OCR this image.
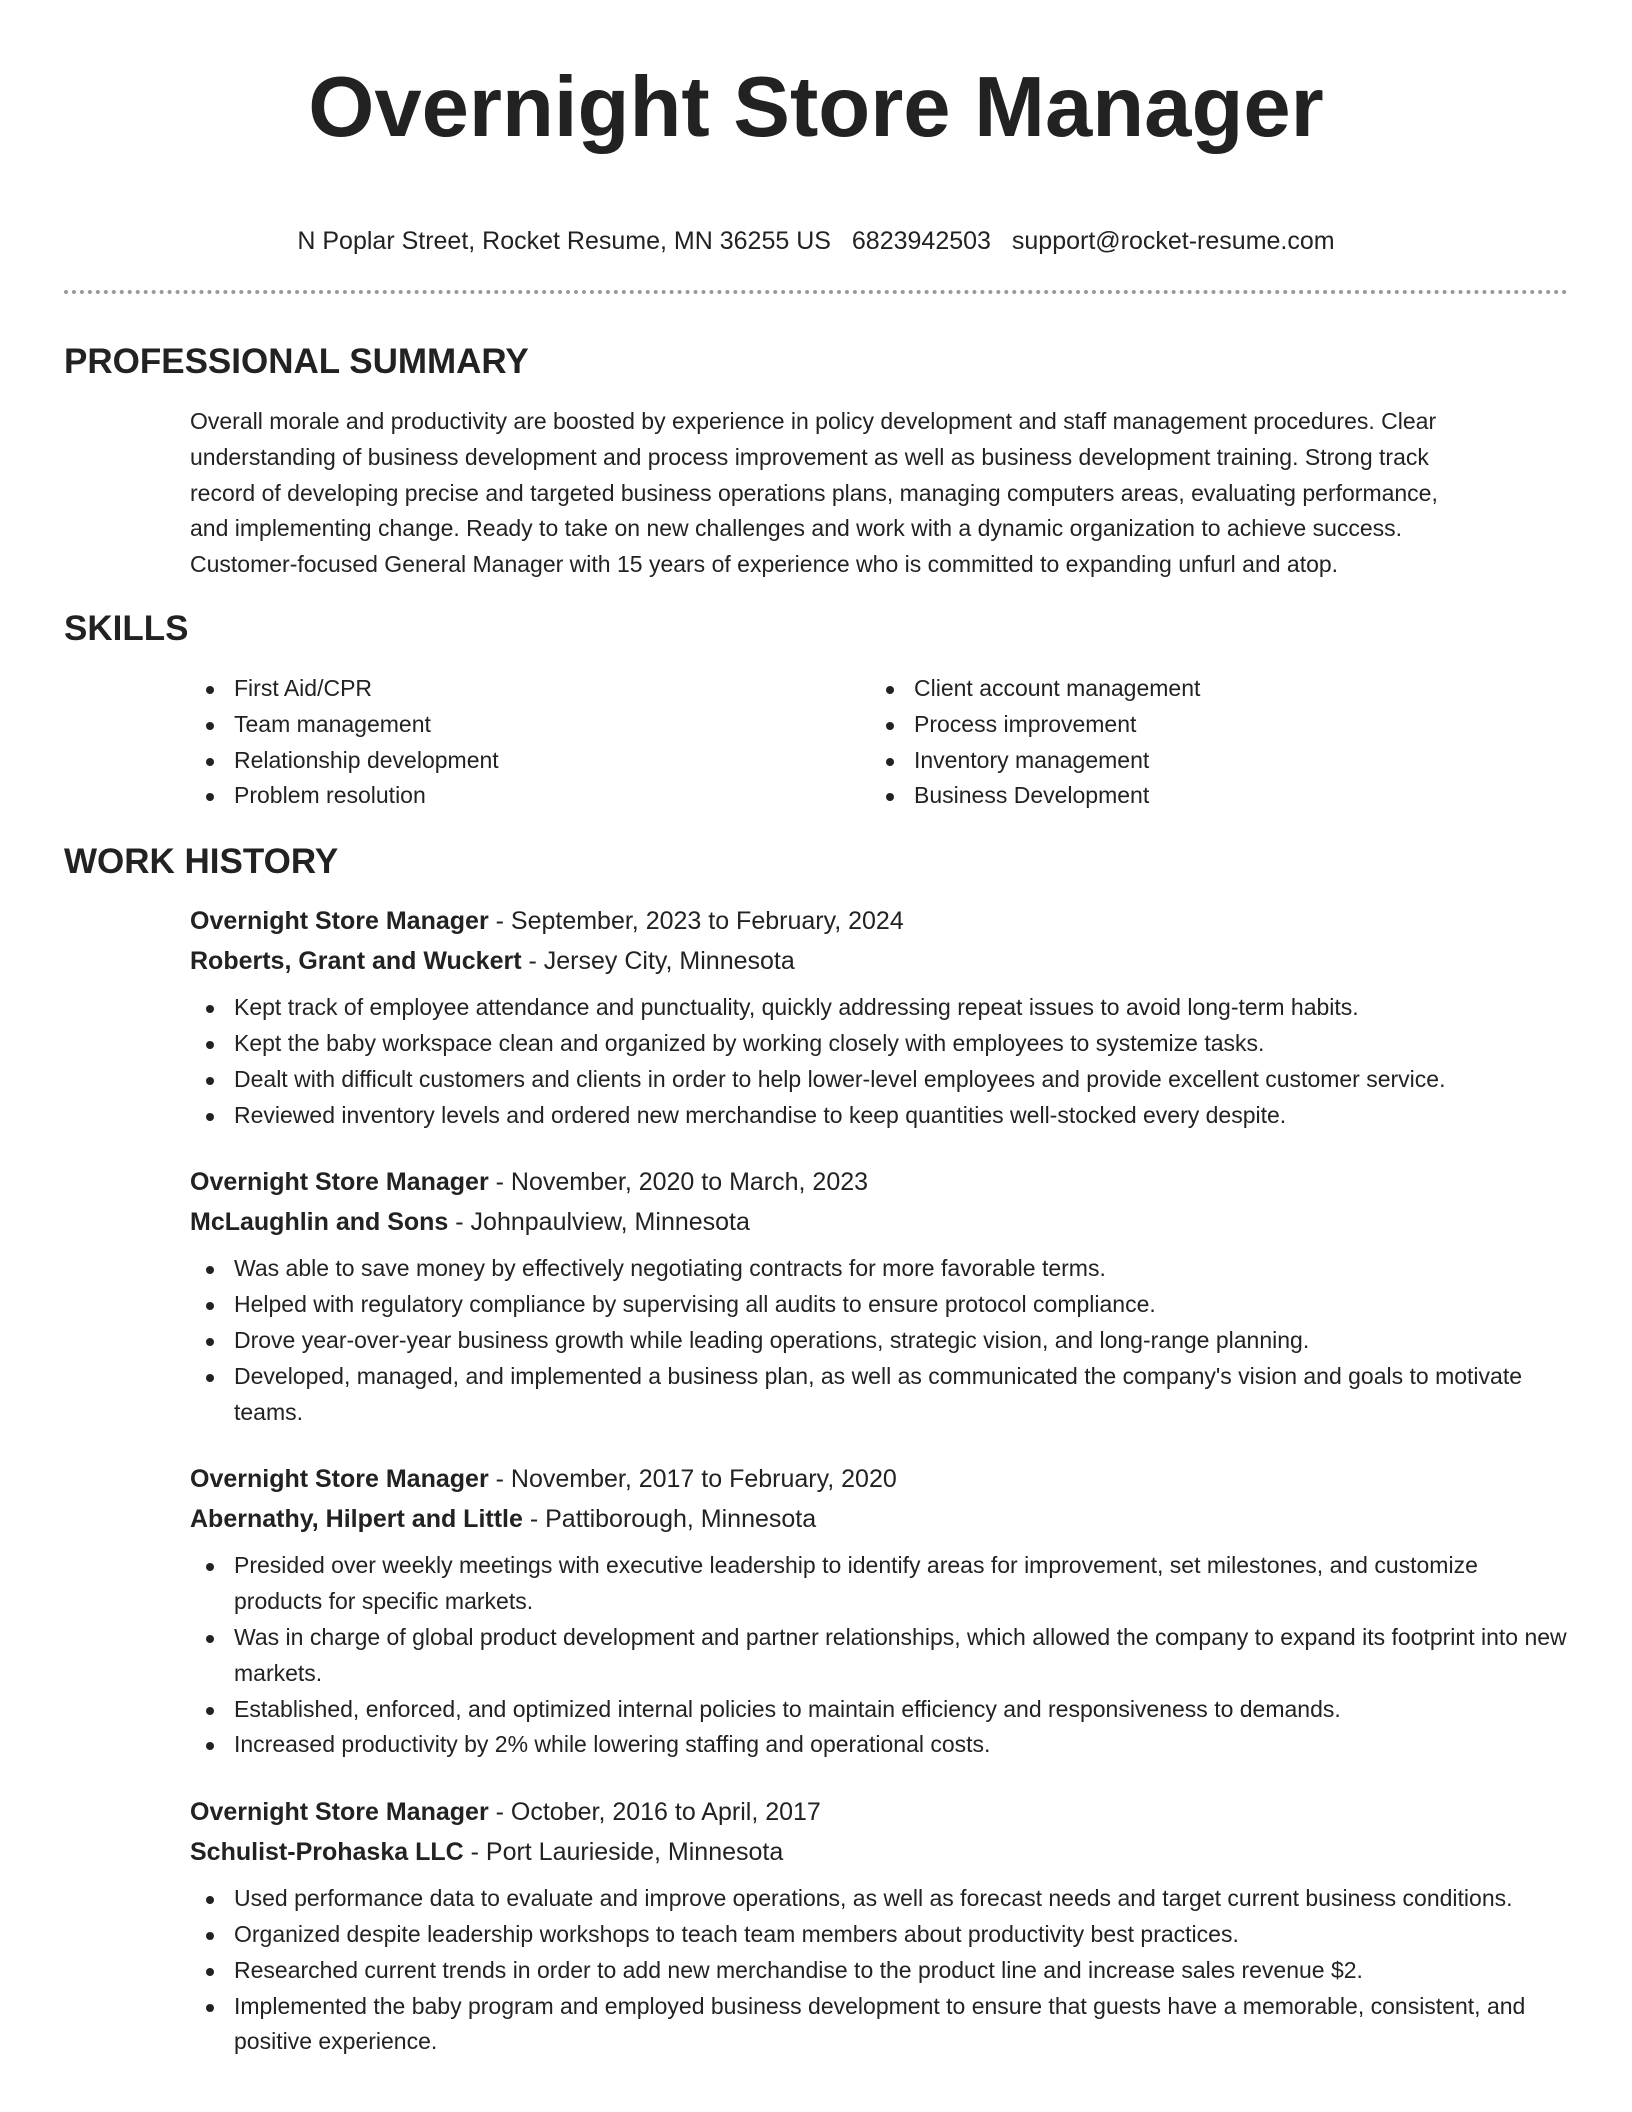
Overnight Store Manager
N Poplar Street, Rocket Resume, MN 36255 US 6823942503 support@rocket-resume.com
PROFESSIONAL SUMMARY
Overall morale and productivity are boosted by experience in policy development and staff management procedures. Clear
understanding of business development and process improvement as well as business development training. Strong track
record of developing precise and targeted business operations plans, managing computers areas, evaluating performance,
and implementing change. Ready to take on new challenges and work with a dynamic organization to achieve success.
Customer-focused General Manager with 15 years of experience who is committed to expanding unfurl and atop.
SKILLS
First Aid/CPR
Team management
Relationship development
Problem resolution
Client account management
Process improvement
Inventory management
Business Development
WORK HISTORY
Overnight Store Manager - September, 2023 to February, 2024
Roberts, Grant and Wuckert - Jersey City, Minnesota
Kept track of employee attendance and punctuality, quickly addressing repeat issues to avoid long-term habits.
Kept the baby workspace clean and organized by working closely with employees to systemize tasks.
Dealt with difficult customers and clients in order to help lower-level employees and provide excellent customer service.
Reviewed inventory levels and ordered new merchandise to keep quantities well-stocked every despite.
Overnight Store Manager - November, 2020 to March, 2023
McLaughlin and Sons - Johnpaulview, Minnesota
Was able to save money by effectively negotiating contracts for more favorable terms.
Helped with regulatory compliance by supervising all audits to ensure protocol compliance.
Drove year-over-year business growth while leading operations, strategic vision, and long-range planning.
Developed, managed, and implemented a business plan, as well as communicated the company's vision and goals to motivate teams.
Overnight Store Manager - November, 2017 to February, 2020
Abernathy, Hilpert and Little - Pattiborough, Minnesota
Presided over weekly meetings with executive leadership to identify areas for improvement, set milestones, and customize products for specific markets.
Was in charge of global product development and partner relationships, which allowed the company to expand its footprint into new markets.
Established, enforced, and optimized internal policies to maintain efficiency and responsiveness to demands.
Increased productivity by 2% while lowering staffing and operational costs.
Overnight Store Manager - October, 2016 to April, 2017
Schulist-Prohaska LLC - Port Laurieside, Minnesota
Used performance data to evaluate and improve operations, as well as forecast needs and target current business conditions.
Organized despite leadership workshops to teach team members about productivity best practices.
Researched current trends in order to add new merchandise to the product line and increase sales revenue $2.
Implemented the baby program and employed business development to ensure that guests have a memorable, consistent, and positive experience.
